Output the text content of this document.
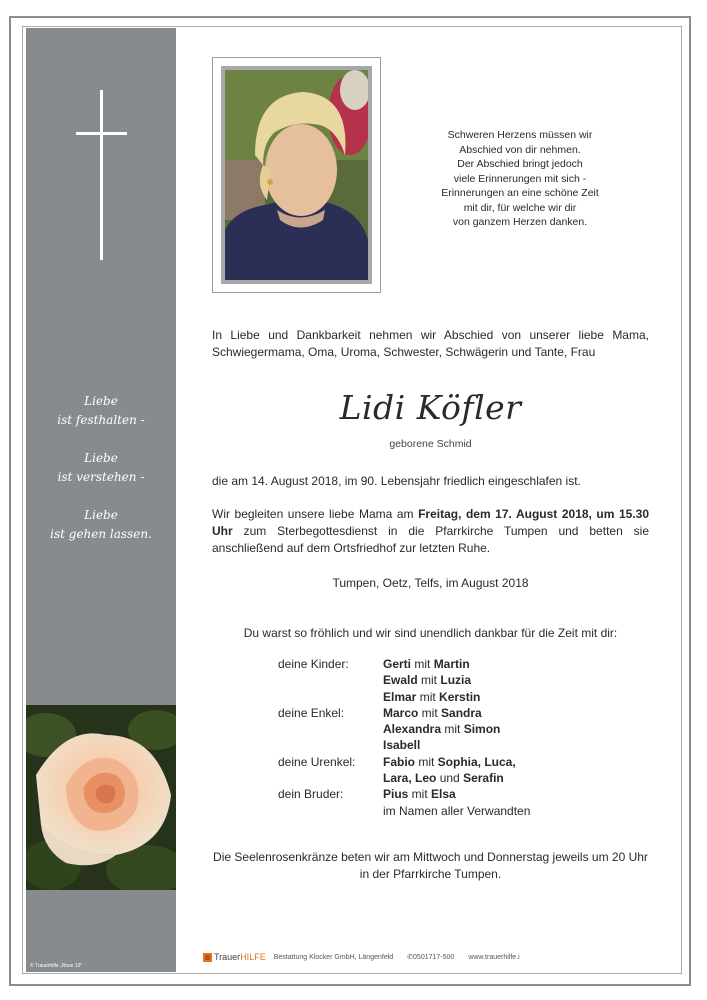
Liebe
ist festhalten -

Liebe
ist verstehen -

Liebe
ist gehen lassen.

© Trauerhilfe „Rose 10"
Schweren Herzens müssen wir
Abschied von dir nehmen.
Der Abschied bringt jedoch
viele Erinnerungen mit sich -
Erinnerungen an eine schöne Zeit
mit dir, für welche wir dir
von ganzem Herzen danken.
In Liebe und Dankbarkeit nehmen wir Abschied von unserer liebe Mama, Schwiegermama, Oma, Uroma, Schwester, Schwägerin und Tante, Frau
Lidi Köfler
geborene Schmid
die am 14. August 2018, im 90. Lebensjahr friedlich eingeschlafen ist.
Wir begleiten unsere liebe Mama am Freitag, dem 17. August 2018, um 15.30 Uhr zum Sterbegottesdienst in die Pfarrkirche Tumpen und betten sie anschließend auf dem Ortsfriedhof zur letzten Ruhe.
Tumpen, Oetz, Telfs, im August 2018
Du warst so fröhlich und wir sind unendlich dankbar für die Zeit mit dir:
deine Kinder:	Gerti mit Martin
Ewald mit Luzia
Elmar mit Kerstin
deine Enkel:	Marco mit Sandra
Alexandra mit Simon
Isabell
deine Urenkel:	Fabio mit Sophia, Luca,
Lara, Leo und Serafin
dein Bruder:	Pius mit Elsa
im Namen aller Verwandten
Die Seelenrosenkränze beten wir am Mittwoch und Donnerstag jeweils um 20 Uhr in der Pfarrkirche Tumpen.
Trauer HILFE Bestattung Klocker GmbH, Längenfeld ✆0501717-500 www.trauerhilfe.i
